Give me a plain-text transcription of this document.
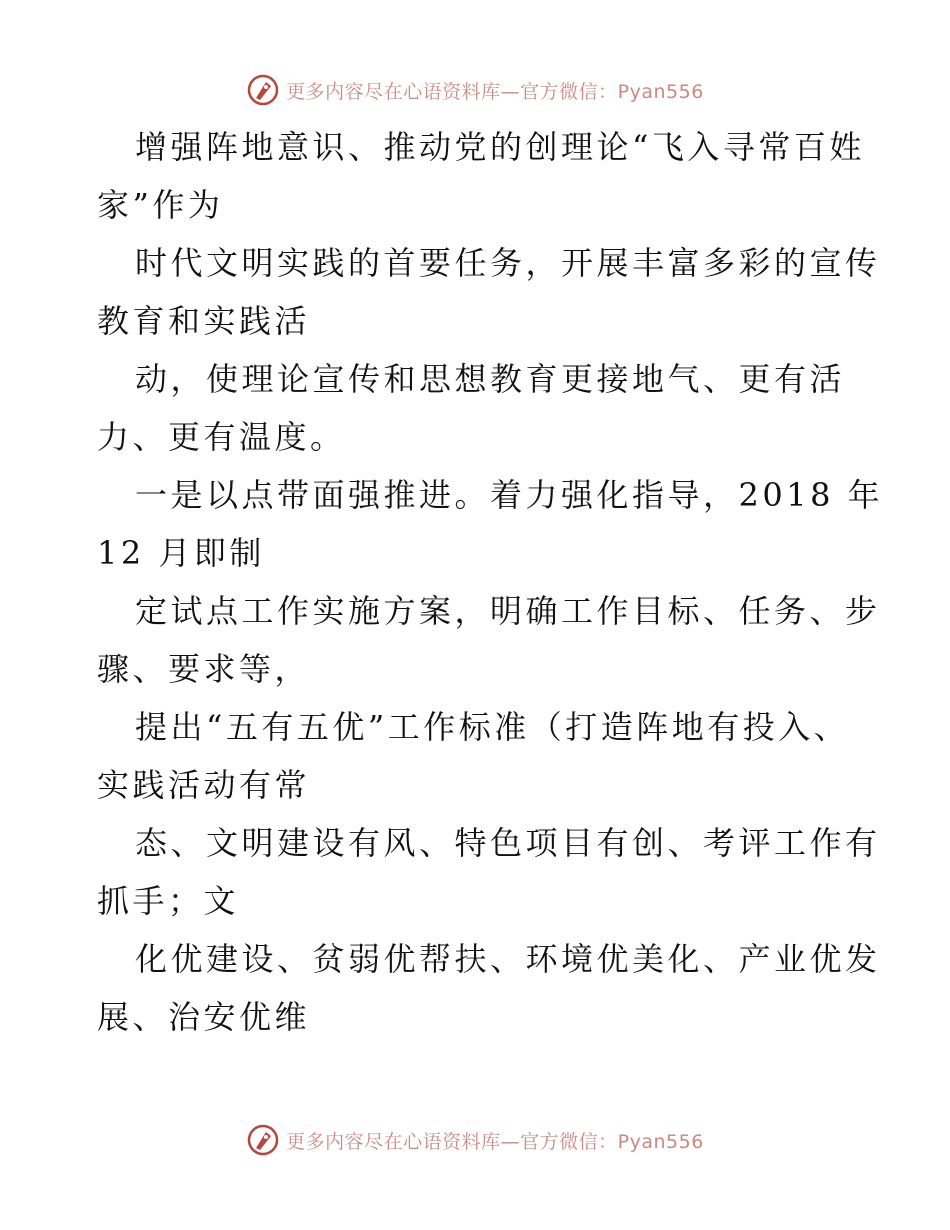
更多内容尽在心语资料库—官方微信：Pyan556
增强阵地意识、推动党的创理论“飞入寻常百姓
家”作为
时代文明实践的首要任务，开展丰富多彩的宣传
教育和实践活
动，使理论宣传和思想教育更接地气、更有活
力、更有温度。
一是以点带面强推进。着力强化指导，2018 年
12 月即制
定试点工作实施方案，明确工作目标、任务、步
骤、要求等，
提出“五有五优”工作标准（打造阵地有投入、
实践活动有常
态、文明建设有风、特色项目有创、考评工作有
抓手；文
化优建设、贫弱优帮扶、环境优美化、产业优发
展、治安优维
更多内容尽在心语资料库—官方微信：Pyan556
